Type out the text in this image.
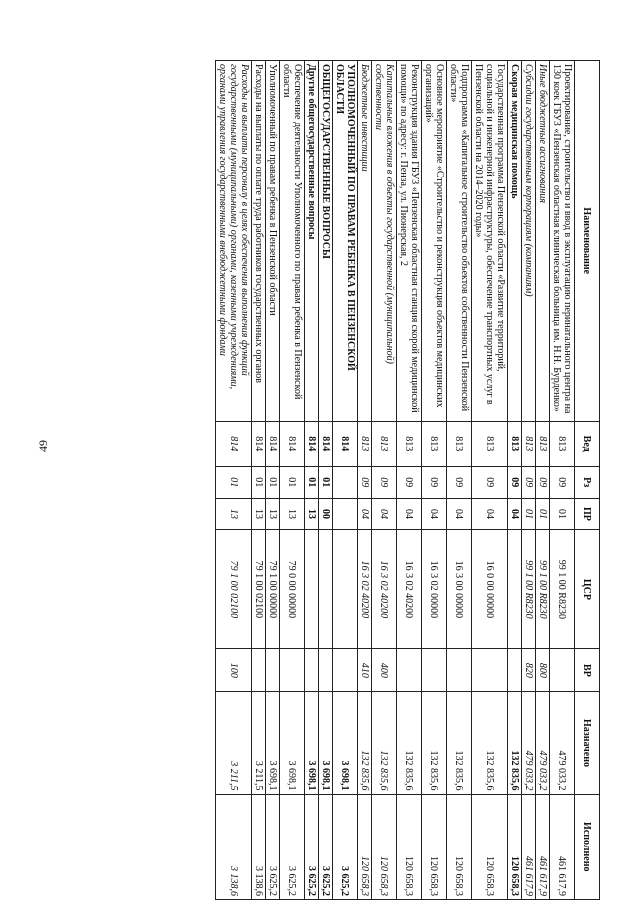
49
Наименование	Вед	Рз	ПР	ЦСР	ВР	Назначено	Исполнено
Проектирование, строительство и ввод в эксплуатацию перинатального центра на 130 коек ГБУЗ «Пензенская областная клиническая больница им. Н.Н. Бурденко»	813	09	01	99 1 00 R8230		479 033,2	461 617,9
Иные бюджетные ассигнования	813	09	01	99 1 00 R8230	800	479 033,2	461 617,9
Субсидии государственным корпорациям (компаниям)	813	09	01	99 1 00 R8230	820	479 033,2	461 617,9
Скорая медицинская помощь	813	09	04			132 835,6	120 658,3
Государственная программа Пензенской области «Развитие территорий, социальной и инженерной инфраструктуры, обеспечение транспортных услуг в Пензенской области на 2014–2020 годы»	813	09	04	16 0 00 00000		132 835,6	120 658,3
Подпрограмма «Капитальное строительство объектов собственности Пензенской области»	813	09	04	16 3 00 00000		132 835,6	120 658,3
Основное мероприятие «Строительство и реконструкция объектов медицинских организаций»	813	09	04	16 3 02 00000		132 835,6	120 658,3
Реконструкция здания ГБУЗ «Пензенская областная станция скорой медицинской помощи» по адресу: г. Пенза, ул. Пионерская, 2	813	09	04	16 3 02 40200		132 835,6	120 658,3
Капитальные вложения в объекты государственной (муниципальной) собственности	813	09	04	16 3 02 40200	400	132 835,6	120 658,3
Бюджетные инвестиции	813	09	04	16 3 02 40200	410	132 835,6	120 658,3
УПОЛНОМОЧЕННЫЙ ПО ПРАВАМ РЕБЕНКА В ПЕНЗЕНСКОЙ ОБЛАСТИ	814					3 698,1	3 625,2
ОБЩЕГОСУДАРСТВЕННЫЕ ВОПРОСЫ	814	01	00			3 698,1	3 625,2
Другие общегосударственные вопросы	814	01	13			3 698,1	3 625,2
Обеспечение деятельности Уполномоченного по правам ребенка в Пензенской области	814	01	13	79 0 00 00000		3 698,1	3 625,2
Уполномоченный по правам ребенка в Пензенской области	814	01	13	79 1 00 00000		3 698,1	3 625,2
Расходы на выплаты по оплате труда работников государственных органов	814	01	13	79 1 00 02100		3 211,5	3 138,6
Расходы на выплаты персоналу в целях обеспечения выполнения функций государственными (муниципальными) органами, казенными учреждениями, органами управления государственными внебюджетными фондами	814	01	13	79 1 00 02100	100	3 211,5	3 138,6
